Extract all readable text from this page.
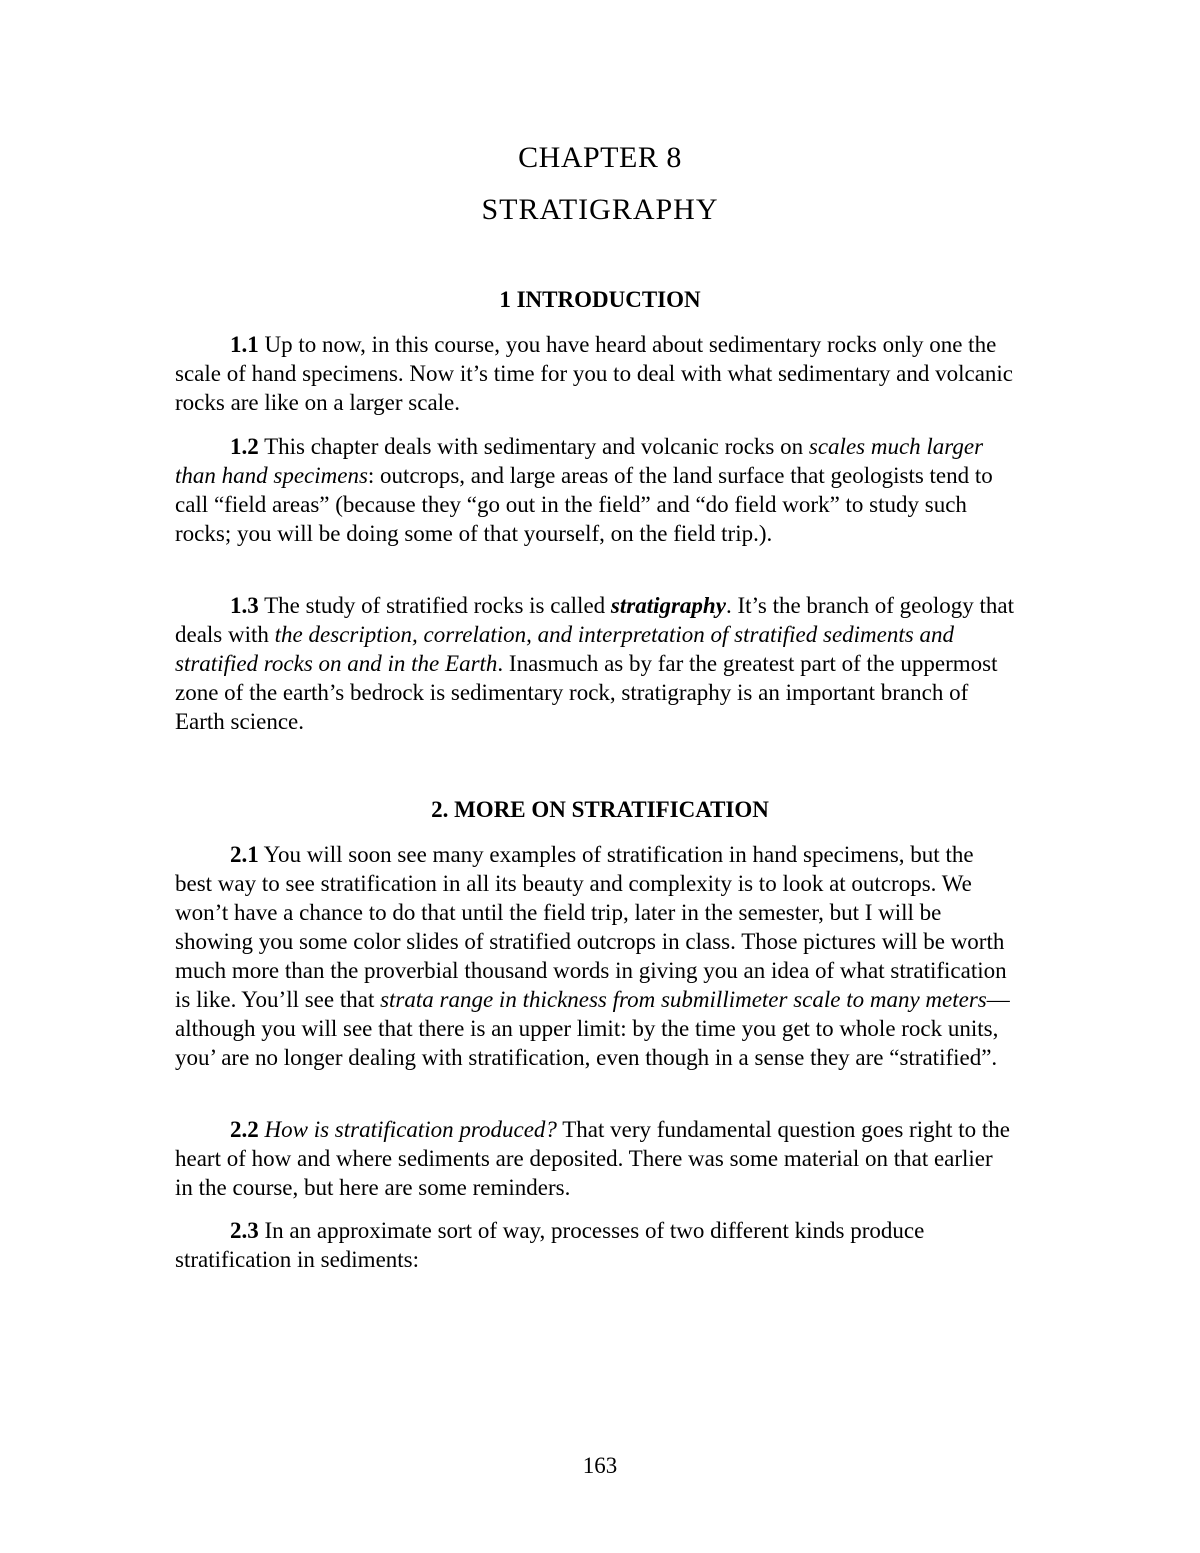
CHAPTER 8
STRATIGRAPHY
1 INTRODUCTION

1.1 Up to now, in this course, you have heard about sedimentary rocks only one the scale of hand specimens. Now it’s time for you to deal with what sedimentary and volcanic rocks are like on a larger scale.

1.2 This chapter deals with sedimentary and volcanic rocks on scales much larger than hand specimens: outcrops, and large areas of the land surface that geologists tend to call “field areas” (because they “go out in the field” and “do field work” to study such rocks; you will be doing some of that yourself, on the field trip.).

1.3 The study of stratified rocks is called stratigraphy. It’s the branch of geology that deals with the description, correlation, and interpretation of stratified sediments and stratified rocks on and in the Earth. Inasmuch as by far the greatest part of the uppermost zone of the earth’s bedrock is sedimentary rock, stratigraphy is an important branch of Earth science.

2. MORE ON STRATIFICATION

2.1 You will soon see many examples of stratification in hand specimens, but the best way to see stratification in all its beauty and complexity is to look at outcrops. We won’t have a chance to do that until the field trip, later in the semester, but I will be showing you some color slides of stratified outcrops in class. Those pictures will be worth much more than the proverbial thousand words in giving you an idea of what stratification is like. You’ll see that strata range in thickness from submillimeter scale to many meters—although you will see that there is an upper limit: by the time you get to whole rock units, you’ are no longer dealing with stratification, even though in a sense they are “stratified”.

2.2 How is stratification produced? That very fundamental question goes right to the heart of how and where sediments are deposited. There was some material on that earlier in the course, but here are some reminders.

2.3 In an approximate sort of way, processes of two different kinds produce stratification in sediments:

163
